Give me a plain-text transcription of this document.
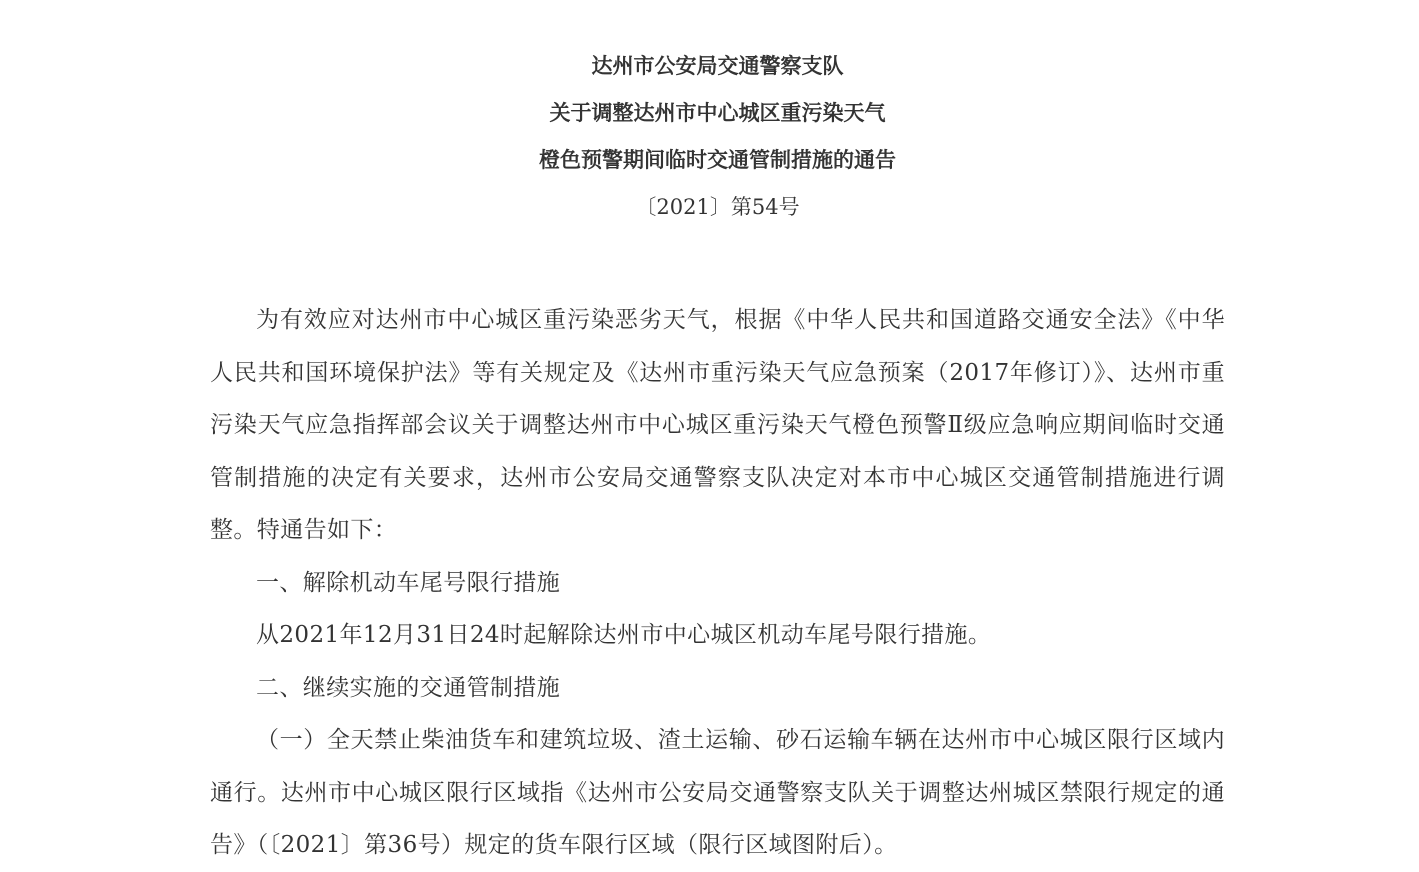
达州市公安局交通警察支队
关于调整达州市中心城区重污染天气
橙色预警期间临时交通管制措施的通告
〔2021〕第54号

为有效应对达州市中心城区重污染恶劣天气，根据《中华人民共和国道路交通安全法》《中华人民共和国环境保护法》等有关规定及《达州市重污染天气应急预案（2017年修订）》、达州市重污染天气应急指挥部会议关于调整达州市中心城区重污染天气橙色预警Ⅱ级应急响应期间临时交通管制措施的决定有关要求，达州市公安局交通警察支队决定对本市中心城区交通管制措施进行调整。特通告如下：

一、解除机动车尾号限行措施

从2021年12月31日24时起解除达州市中心城区机动车尾号限行措施。

二、继续实施的交通管制措施

（一）全天禁止柴油货车和建筑垃圾、渣土运输、砂石运输车辆在达州市中心城区限行区域内通行。达州市中心城区限行区域指《达州市公安局交通警察支队关于调整达州城区禁限行规定的通告》（〔2021〕第36号）规定的货车限行区域（限行区域图附后）。
